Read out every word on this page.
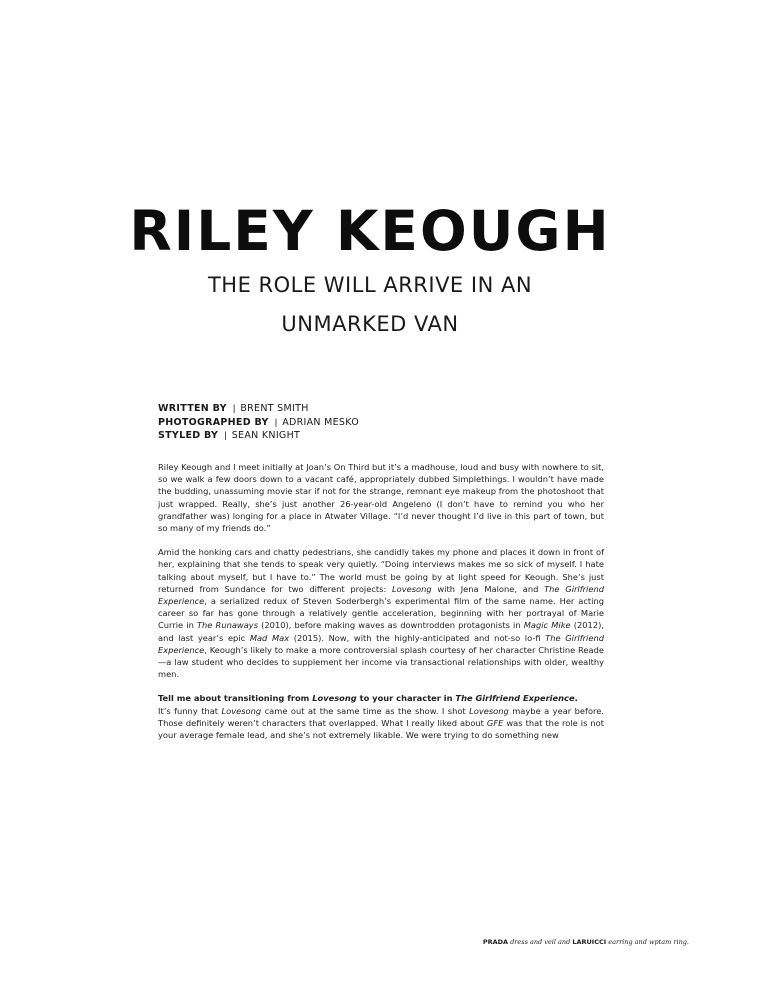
RILEY KEOUGH
THE ROLE WILL ARRIVE IN AN
UNMARKED VAN
WRITTEN BY | BRENT SMITH
PHOTOGRAPHED BY | ADRIAN MESKO
STYLED BY | SEAN KNIGHT

Riley Keough and I meet initially at Joan’s On Third but it’s a madhouse, loud and busy with nowhere to sit, so we walk a few doors down to a vacant café, appropriately dubbed Simplethings. I wouldn’t have made the budding, unassuming movie star if not for the strange, remnant eye makeup from the photoshoot that just wrapped. Really, she’s just another 26-year-old Angeleno (I don’t have to remind you who her grandfather was) longing for a place in Atwater Village. “I’d never thought I’d live in this part of town, but so many of my friends do.”

Amid the honking cars and chatty pedestrians, she candidly takes my phone and places it down in front of her, explaining that she tends to speak very quietly. “Doing interviews makes me so sick of myself. I hate talking about myself, but I have to.” The world must be going by at light speed for Keough. She’s just returned from Sundance for two different projects: Lovesong with Jena Malone, and The Girlfriend Experience, a serialized redux of Steven Soderbergh’s experimental film of the same name. Her acting career so far has gone through a relatively gentle acceleration, beginning with her portrayal of Marie Currie in The Runaways (2010), before making waves as downtrodden protagonists in Magic Mike (2012), and last year’s epic Mad Max (2015). Now, with the highly-anticipated and not-so lo-fi The Girlfriend Experience, Keough’s likely to make a more controversial splash courtesy of her character Christine Reade—a law student who decides to supplement her income via transactional relationships with older, wealthy men.

Tell me about transitioning from Lovesong to your character in The Girlfriend Experience.

It’s funny that Lovesong came out at the same time as the show. I shot Lovesong maybe a year before. Those definitely weren’t characters that overlapped. What I really liked about GFE was that the role is not your average female lead, and she’s not extremely likable. We were trying to do something new

PRADA dress and veil and LARUICCI earring and wptam ring.
